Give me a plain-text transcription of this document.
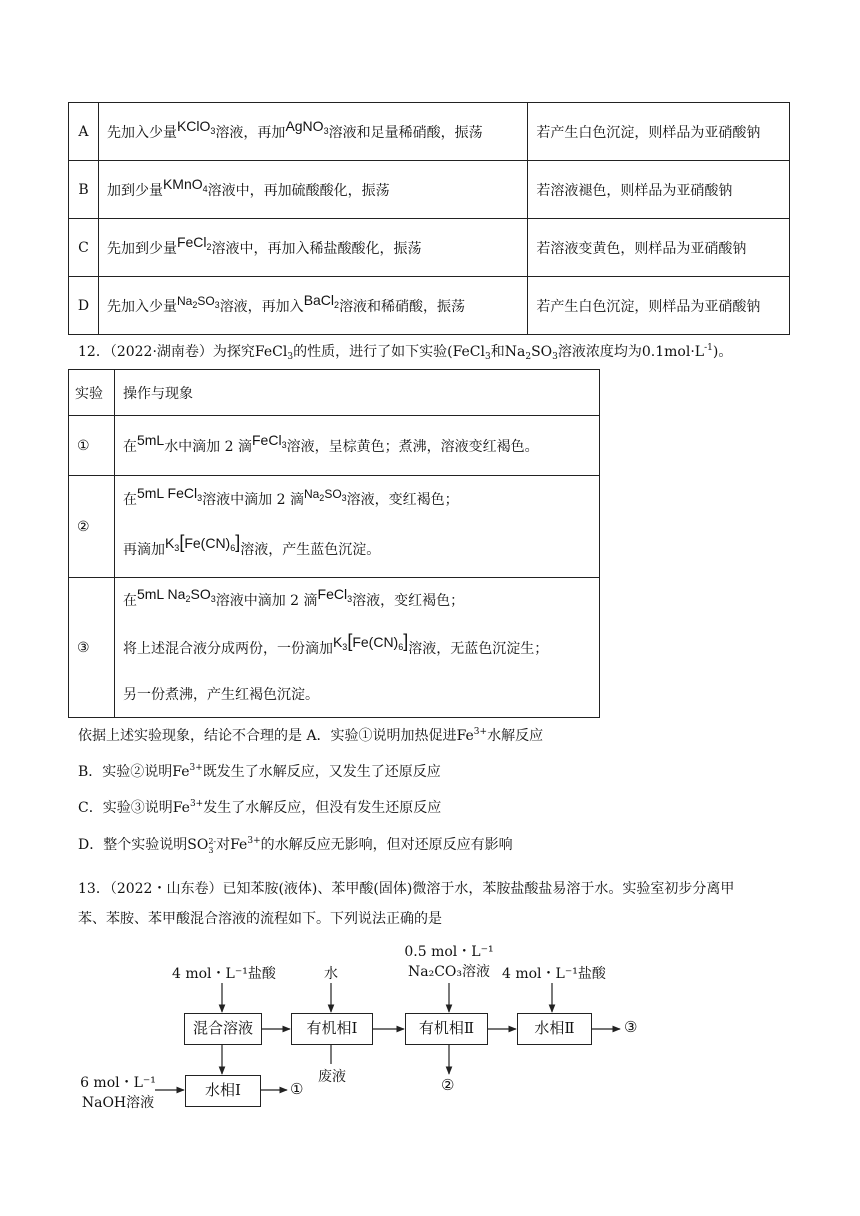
A	先加入少量KClO$_3$溶液，再加AgNO$_3$溶液和足量稀硝酸，振荡	若产生白色沉淀，则样品为亚硝酸钠
B	加到少量KMnO$_4$溶液中，再加硫酸酸化，振荡	若溶液褪色，则样品为亚硝酸钠
C	先加到少量FeCl$_2$溶液中，再加入稀盐酸酸化，振荡	若溶液变黄色，则样品为亚硝酸钠
D	先加入少量$Na_2SO_3$溶液，再加入BaCl$_2$溶液和稀硝酸，振荡	若产生白色沉淀，则样品为亚硝酸钠
12．（2022·湖南卷）为探究FeCl$_3$的性质，进行了如下实验(FeCl$_3$和$Na_2SO_3$溶液浓度均为$0.1mol\cdot L^{-1}$)。
实验	操作与现象
①	在5mL水中滴加 2 滴FeCl$_3$溶液，呈棕黄色；煮沸，溶液变红褐色。
②	在5mL FeCl$_3$溶液中滴加 2 滴$Na_2SO_3$溶液，变红褐色；
再滴加$K_3[Fe(CN)_6]$溶液，产生蓝色沉淀。

③	在5mL $Na_2SO_3$溶液中滴加 2 滴FeCl$_3$溶液，变红褐色；
将上述混合液分成两份，一份滴加$K_3[Fe(CN)_6]$溶液，无蓝色沉淀生；
另一份煮沸，产生红褐色沉淀。
依据上述实验现象，结论不合理的是 A．实验①说明加热促进$Fe^{3+}$水解反应
B．实验②说明$Fe^{3+}$既发生了水解反应，又发生了还原反应
C．实验③说明$Fe^{3+}$发生了水解反应，但没有发生还原反应
D．整个实验说明SO 2-
3 对$Fe^{3+}$的水解反应无影响，但对还原反应有影响
13．（2022・山东卷）已知苯胺(液体)、苯甲酸(固体)微溶于水，苯胺盐酸盐易溶于水。实验室初步分离甲
苯、苯胺、苯甲酸混合溶液的流程如下。下列说法正确的是
混合溶液	有机相Ⅰ	有机相Ⅱ	水相Ⅱ
水相Ⅰ
4 mol・L⁻¹盐酸	水
0.5 mol・L⁻¹
Na₂CO₃溶液 4 mol・L⁻¹盐酸
6 mol・L⁻¹
NaOH溶液
废液
①	②
③
